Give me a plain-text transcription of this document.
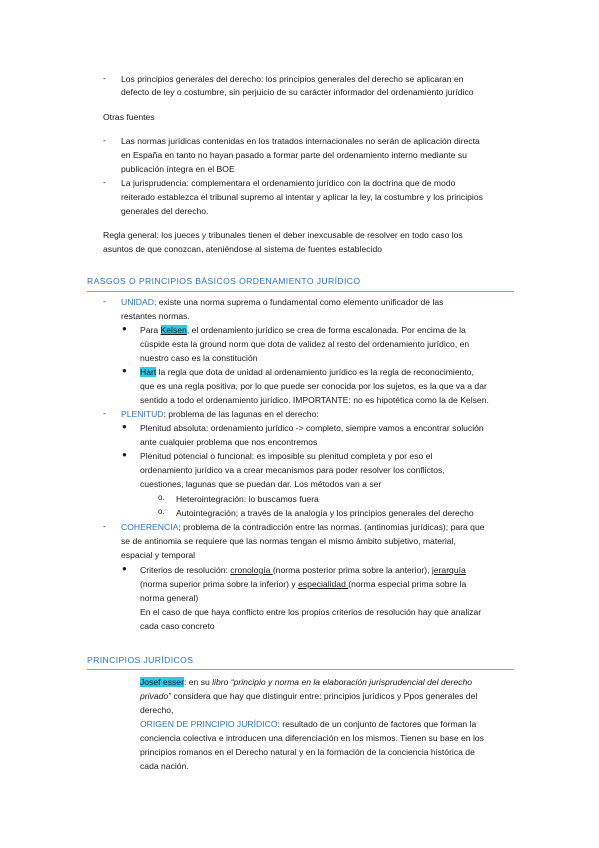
- Los principios generales del derecho: los principios generales del derecho se aplicaran en
defecto de ley o costumbre, sin perjuicio de su carácter informador del ordenamiento jurídico
Otras fuentes
- Las normas jurídicas contenidas en los tratados internacionales no serán de aplicación directa
en España en tanto no hayan pasado a formar parte del ordenamiento interno mediante su
publicación íntegra en el BOE
- La jurisprudencia: complementara el ordenamiento jurídico con la doctrina que de modo
reiterado establezca el tribunal supremo al intentar y aplicar la ley, la costumbre y los principios
generales del derecho.
Regla general: los jueces y tribunales tienen el deber inexcusable de resolver en todo caso los
asuntos de que conozcan, ateniéndose al sistema de fuentes establecido
RASGOS O PRINCIPIOS BÁSICOS ORDENAMIENTO JURÍDICO
- UNIDAD: existe una norma suprema o fundamental como elemento unificador de las
restantes normas.
● Para Kelsen, el ordenamiento jurídico se crea de forma escalonada. Por encima de la
cúspide esta la ground norm que dota de validez al resto del ordenamiento jurídico, en
nuestro caso es la constitución
● Hart la regla que dota de unidad al ordenamiento jurídico es la regla de reconocimiento,
que es una regla positiva, por lo que puede ser conocida por los sujetos, es la que va a dar
sentido a todo el ordenamiento jurídico. IMPORTANTE: no es hipotética como la de Kelsen.
- PLENITUD: problema de las lagunas en el derecho:
● Plenitud absoluta: ordenamiento jurídico -> completo, siempre vamos a encontrar solución
ante cualquier problema que nos encontremos
● Plenitud potencial o funcional: es imposible su plenitud completa y por eso el
ordenamiento jurídico va a crear mecanismos para poder resolver los conflictos,
cuestiones, lagunas que se puedan dar. Los métodos van a ser
o. Heterointegración: lo buscamos fuera
o. Autointegración; a través de la analogía y los principios generales del derecho
- COHERENCIA; problema de la contradicción entre las normas. (antinomias jurídicas); para que
se de antinomia se requiere que las normas tengan el mismo ámbito subjetivo, material,
espacial y temporal
● Criterios de resolución: cronología (norma posterior prima sobre la anterior), jerarquía
(norma superior prima sobre la inferior) y especialidad (norma especial prima sobre la
norma general)
En el caso de que haya conflicto entre los propios criterios de resolución hay que analizar
cada caso concreto
PRINCIPIOS JURÍDICOS
Josef esser: en su libro “principio y norma en la elaboración jurisprudencial del derecho
privado” considera que hay que distinguir entre: principios jurídicos y Ppos generales del
derecho,
ORIGEN DE PRINCIPIO JURÍDICO: resultado de un conjunto de factores que forman la
conciencia colectiva e introducen una diferenciación en los mismos. Tienen su base en los
principios romanos en el Derecho natural y en la formación de la conciencia histórica de
cada nación.
